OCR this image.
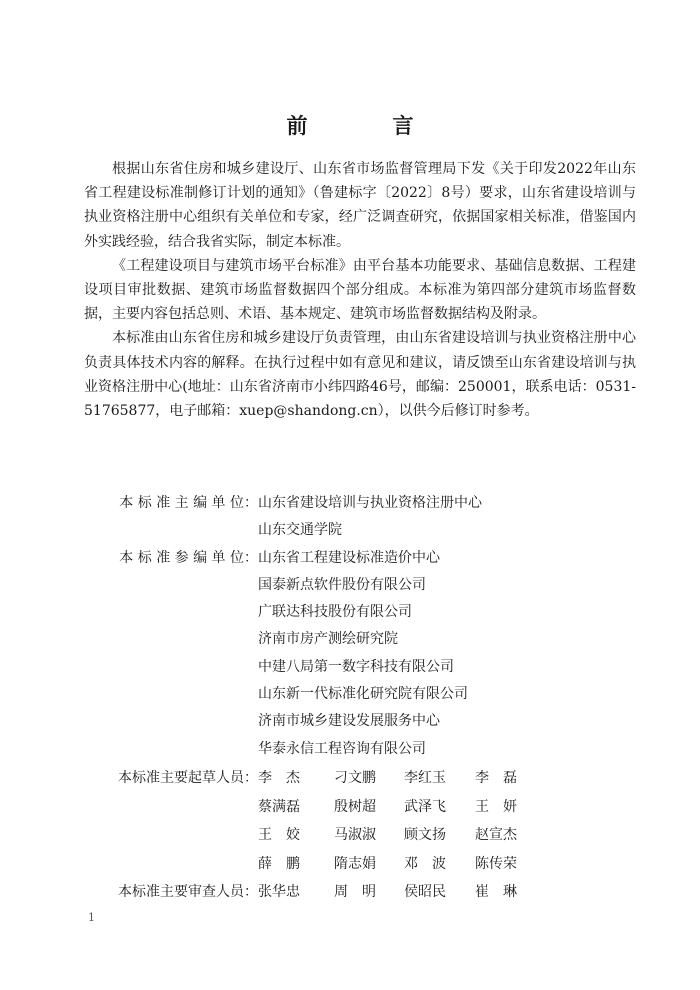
前　言

根据山东省住房和城乡建设厅、山东省市场监督管理局下发《关于印发2022年山东省工程建设标准制修订计划的通知》（鲁建标字〔2022〕8号）要求，山东省建设培训与执业资格注册中心组织有关单位和专家，经广泛调查研究，依据国家相关标准，借鉴国内外实践经验，结合我省实际，制定本标准。

《工程建设项目与建筑市场平台标准》由平台基本功能要求、基础信息数据、工程建设项目审批数据、建筑市场监督数据四个部分组成。本标准为第四部分建筑市场监督数据，主要内容包括总则、术语、基本规定、建筑市场监督数据结构及附录。

本标准由山东省住房和城乡建设厅负责管理，由山东省建设培训与执业资格注册中心负责具体技术内容的解释。在执行过程中如有意见和建议，请反馈至山东省建设培训与执业资格注册中心(地址：山东省济南市小纬四路46号，邮编：250001，联系电话：0531-51765877，电子邮箱：xuep@shandong.cn），以供今后修订时参考。

本 标 准 主 编 单 位： 山东省建设培训与执业资格注册中心
山东交通学院
本 标 准 参 编 单 位： 山东省工程建设标准造价中心
国泰新点软件股份有限公司
广联达科技股份有限公司
济南市房产测绘研究院
中建八局第一数字科技有限公司
山东新一代标准化研究院有限公司
济南市城乡建设发展服务中心
华泰永信工程咨询有限公司
本标准主要起草人员： 李　杰 刁文鹏 李红玉 李　磊
蔡满磊 殷树超 武泽飞 王　妍
王　姣 马淑淑 顾文扬 赵宣杰
薛　鹏 隋志娟 邓　波 陈传荣
本标准主要审查人员： 张华忠 周　明 侯昭民 崔　琳
1
